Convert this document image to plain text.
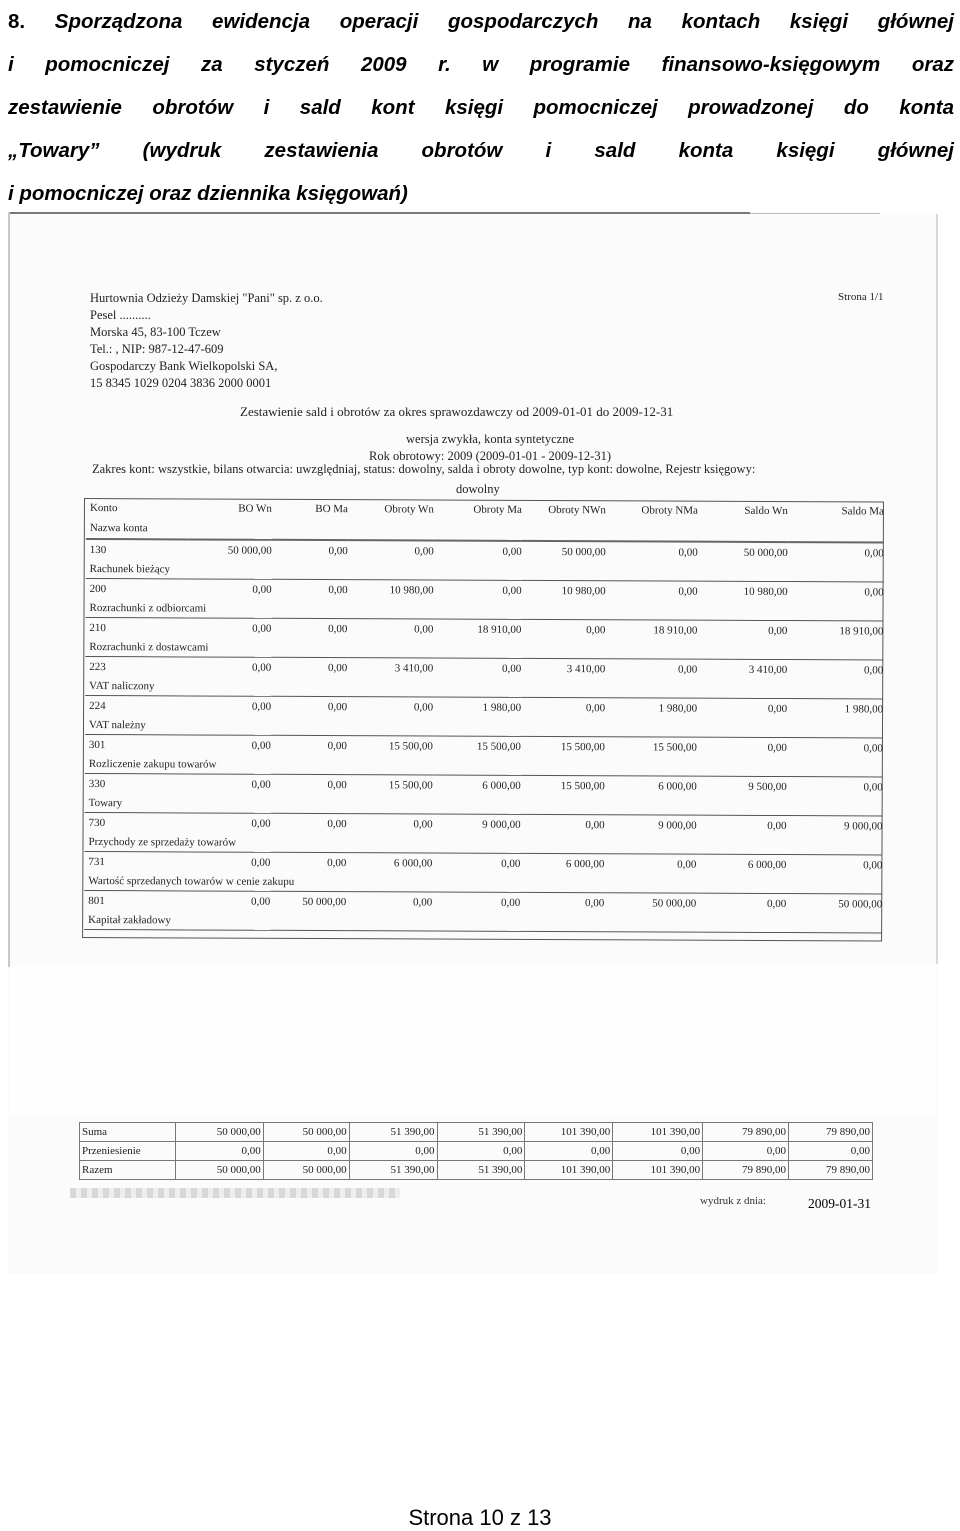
8. Sporządzona ewidencja operacji gospodarczych na kontach księgi głównej
i pomocniczej za styczeń 2009 r. w programie finansowo-księgowym oraz
zestawienie obrotów i sald kont księgi pomocniczej prowadzonej do konta
„Towary” (wydruk zestawienia obrotów i sald konta księgi głównej
i pomocniczej oraz dziennika księgowań)
Hurtownia Odzieży Damskiej "Pani" sp. z o.o.
Pesel ..........
Morska 45, 83-100 Tczew
Tel.: , NIP: 987-12-47-609
Gospodarczy Bank Wielkopolski SA,
15 8345 1029 0204 3836 2000 0001
Strona 1/1
Zestawienie sald i obrotów za okres sprawozdawczy od 2009-01-01 do 2009-12-31
wersja zwykła, konta syntetyczne
Rok obrotowy: 2009 (2009-01-01 - 2009-12-31)
Zakres kont: wszystkie, bilans otwarcia: uwzględniaj, status: dowolny, salda i obroty dowolne, typ kont: dowolne, Rejestr księgowy:
dowolny
Konto	BO Wn	BO Ma	Obroty Wn	Obroty Ma	Obroty NWn	Obroty NMa	Saldo Wn	Saldo Ma
Nazwa konta								
130	50 000,00	0,00	0,00	0,00	50 000,00	0,00	50 000,00	0,00
Rachunek bieżący								
200	0,00	0,00	10 980,00	0,00	10 980,00	0,00	10 980,00	0,00
Rozrachunki z odbiorcami								
210	0,00	0,00	0,00	18 910,00	0,00	18 910,00	0,00	18 910,00
Rozrachunki z dostawcami								
223	0,00	0,00	3 410,00	0,00	3 410,00	0,00	3 410,00	0,00
VAT naliczony								
224	0,00	0,00	0,00	1 980,00	0,00	1 980,00	0,00	1 980,00
VAT należny								
301	0,00	0,00	15 500,00	15 500,00	15 500,00	15 500,00	0,00	0,00
Rozliczenie zakupu towarów								
330	0,00	0,00	15 500,00	6 000,00	15 500,00	6 000,00	9 500,00	0,00
Towary								
730	0,00	0,00	0,00	9 000,00	0,00	9 000,00	0,00	9 000,00
Przychody ze sprzedaży towarów								
731	0,00	0,00	6 000,00	0,00	6 000,00	0,00	6 000,00	0,00
Wartość sprzedanych towarów w cenie zakupu								
801	0,00	50 000,00	0,00	0,00	0,00	50 000,00	0,00	50 000,00
Kapitał zakładowy								
Suma	50 000,00	50 000,00	51 390,00	51 390,00	101 390,00	101 390,00	79 890,00	79 890,00
Przeniesienie	0,00	0,00	0,00	0,00	0,00	0,00	0,00	0,00
Razem	50 000,00	50 000,00	51 390,00	51 390,00	101 390,00	101 390,00	79 890,00	79 890,00
wydruk z dnia:	2009-01-31
Strona 10 z 13
